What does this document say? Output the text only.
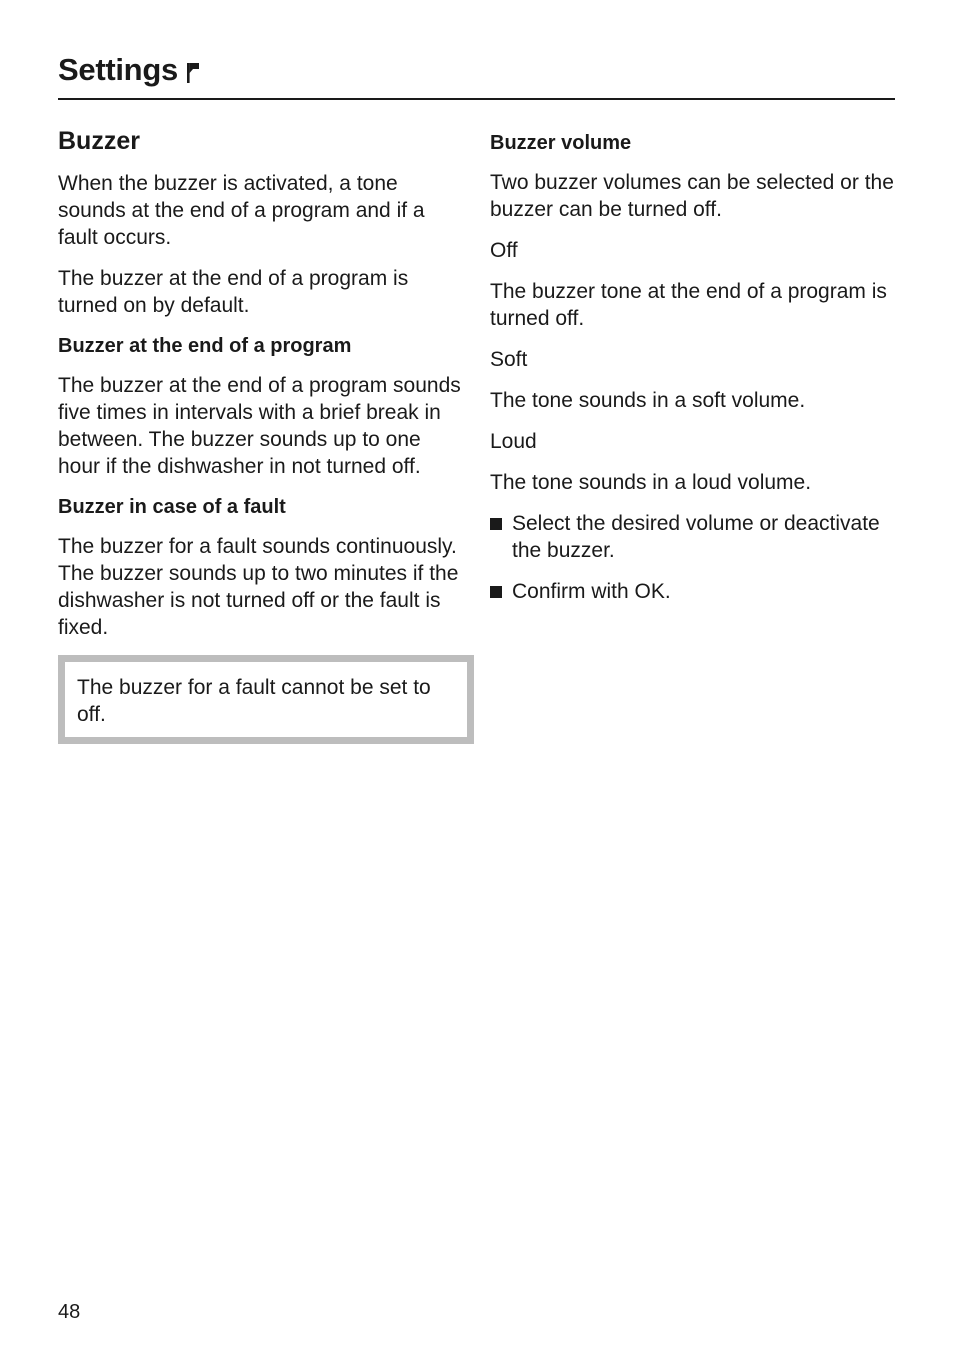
Settings
Buzzer

When the buzzer is activated, a tone sounds at the end of a program and if a fault occurs.

The buzzer at the end of a program is turned on by default.

Buzzer at the end of a program

The buzzer at the end of a program sounds five times in intervals with a brief break in between. The buzzer sounds up to one hour if the dishwasher in not turned off.

Buzzer in case of a fault

The buzzer for a fault sounds continuously. The buzzer sounds up to two minutes if the dishwasher is not turned off or the fault is fixed.

The buzzer for a fault cannot be set to off.

Buzzer volume

Two buzzer volumes can be selected or the buzzer can be turned off.

Off

The buzzer tone at the end of a program is turned off.

Soft

The tone sounds in a soft volume.

Loud

The tone sounds in a loud volume.

Select the desired volume or deactivate the buzzer.
Confirm with OK.
48
